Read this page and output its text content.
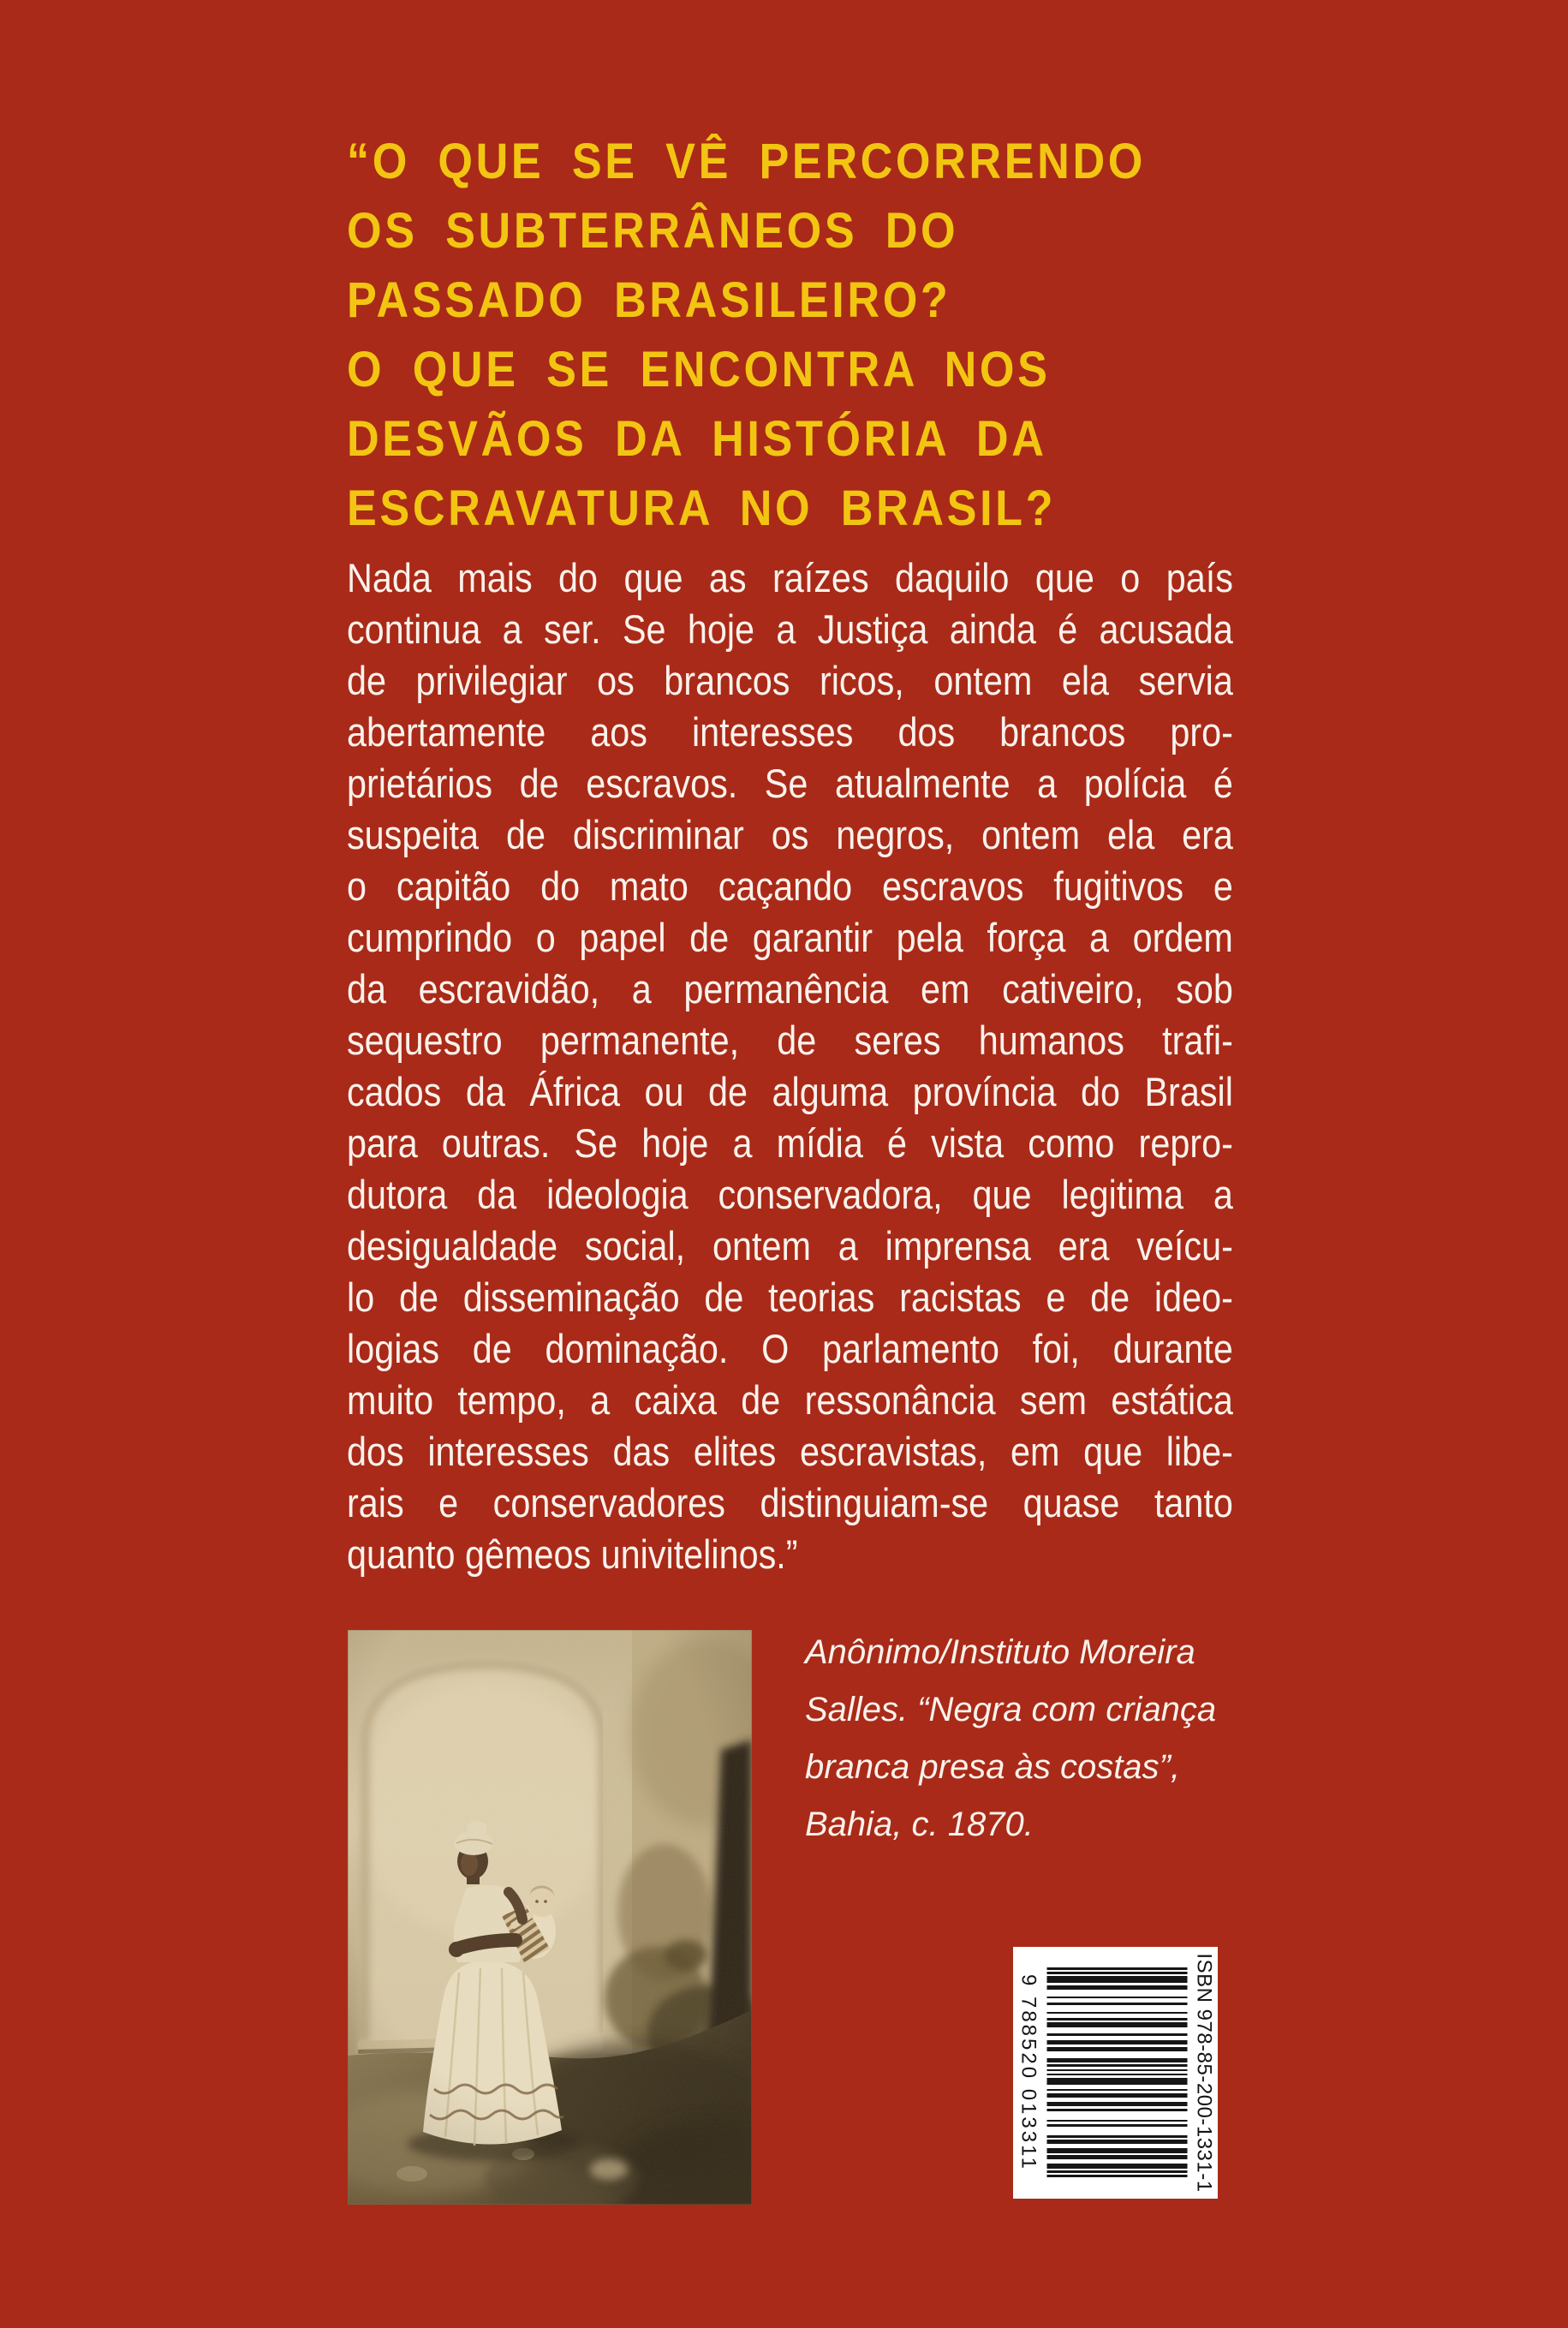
“O QUE SE VÊ PERCORRENDO
OS SUBTERRÂNEOS DO
PASSADO BRASILEIRO?
O QUE SE ENCONTRA NOS
DESVÃOS DA HISTÓRIA DA
ESCRAVATURA NO BRASIL?
Nada mais do que as raízes daquilo que o país
continua a ser. Se hoje a Justiça ainda é acusada
de privilegiar os brancos ricos, ontem ela servia
abertamente aos interesses dos brancos pro-
prietários de escravos. Se atualmente a polícia é
suspeita de discriminar os negros, ontem ela era
o capitão do mato caçando escravos fugitivos e
cumprindo o papel de garantir pela força a ordem
da escravidão, a permanência em cativeiro, sob
sequestro permanente, de seres humanos trafi-
cados da África ou de alguma província do Brasil
para outras. Se hoje a mídia é vista como repro-
dutora da ideologia conservadora, que legitima a
desigualdade social, ontem a imprensa era veícu-
lo de disseminação de teorias racistas e de ideo-
logias de dominação. O parlamento foi, durante
muito tempo, a caixa de ressonância sem estática
dos interesses das elites escravistas, em que libe-
rais e conservadores distinguiam-se quase tanto
quanto gêmeos univitelinos.”
Anônimo/Instituto Moreira
Salles. “Negra com criança
branca presa às costas”,
Bahia, c. 1870.
ISBN 978-85-200-1331-1
9 788520 013311
